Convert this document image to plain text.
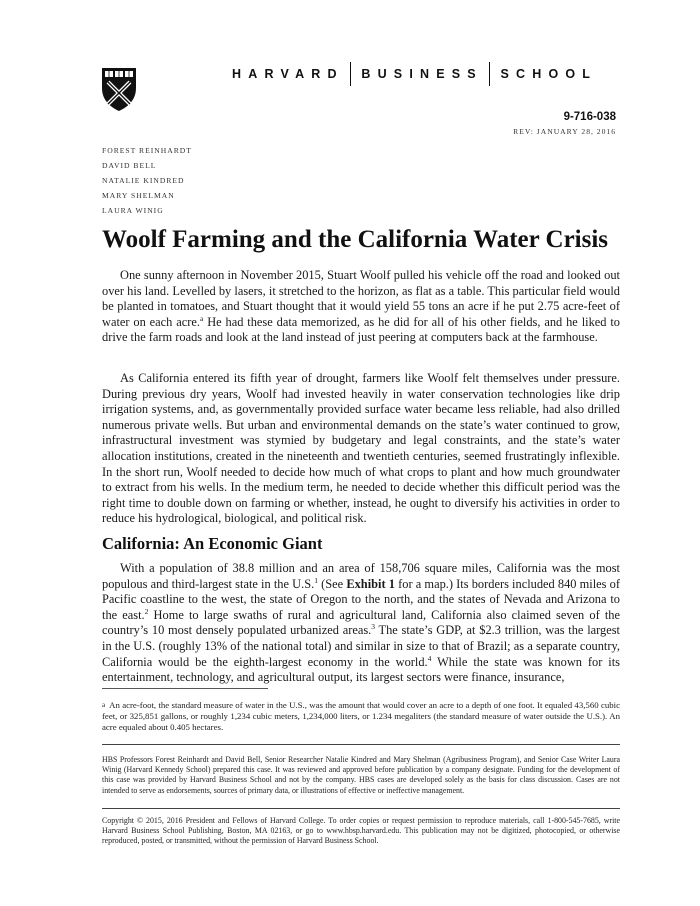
HARVARD BUSINESS SCHOOL
9-716-038
REV: JANUARY 28, 2016
FOREST REINHARDT
DAVID BELL
NATALIE KINDRED
MARY SHELMAN
LAURA WINIG
Woolf Farming and the California Water Crisis

One sunny afternoon in November 2015, Stuart Woolf pulled his vehicle off the road and looked out over his land. Levelled by lasers, it stretched to the horizon, as flat as a table. This particular field would be planted in tomatoes, and Stuart thought that it would yield 55 tons an acre if he put 2.75 acre-feet of water on each acre.$^a$ He had these data memorized, as he did for all of his other fields, and he liked to drive the farm roads and look at the land instead of just peering at computers back at the farmhouse.

As California entered its fifth year of drought, farmers like Woolf felt themselves under pressure. During previous dry years, Woolf had invested heavily in water conservation technologies like drip irrigation systems, and, as governmentally provided surface water became less reliable, had also drilled numerous private wells. But urban and environmental demands on the state’s water continued to grow, infrastructural investment was stymied by budgetary and legal constraints, and the state’s water allocation institutions, created in the nineteenth and twentieth centuries, seemed frustratingly inflexible. In the short run, Woolf needed to decide how much of what crops to plant and how much groundwater to extract from his wells. In the medium term, he needed to decide whether this difficult period was the right time to double down on farming or whether, instead, he ought to diversify his activities in order to reduce his hydrological, biological, and political risk.

California: An Economic Giant

With a population of 38.8 million and an area of 158,706 square miles, California was the most populous and third-largest state in the U.S.$^1$ (See Exhibit 1 for a map.) Its borders included 840 miles of Pacific coastline to the west, the state of Oregon to the north, and the states of Nevada and Arizona to the east.$^2$ Home to large swaths of rural and agricultural land, California also claimed seven of the country’s 10 most densely populated urbanized areas.$^3$ The state’s GDP, at $2.3 trillion, was the largest in the U.S. (roughly 13% of the national total) and similar in size to that of Brazil; as a separate country, California would be the eighth-largest economy in the world.$^4$ While the state was known for its entertainment, technology, and agricultural output, its largest sectors were finance, insurance,

$^a$ An acre-foot, the standard measure of water in the U.S., was the amount that would cover an acre to a depth of one foot. It equaled 43,560 cubic feet, or 325,851 gallons, or roughly 1,234 cubic meters, 1,234,000 liters, or 1.234 megaliters (the standard measure of water outside the U.S.). An acre equaled about 0.405 hectares.

HBS Professors Forest Reinhardt and David Bell, Senior Researcher Natalie Kindred and Mary Shelman (Agribusiness Program), and Senior Case Writer Laura Winig (Harvard Kennedy School) prepared this case. It was reviewed and approved before publication by a company designate. Funding for the development of this case was provided by Harvard Business School and not by the company. HBS cases are developed solely as the basis for class discussion. Cases are not intended to serve as endorsements, sources of primary data, or illustrations of effective or ineffective management.

Copyright © 2015, 2016 President and Fellows of Harvard College. To order copies or request permission to reproduce materials, call 1-800-545-7685, write Harvard Business School Publishing, Boston, MA 02163, or go to www.hbsp.harvard.edu. This publication may not be digitized, photocopied, or otherwise reproduced, posted, or transmitted, without the permission of Harvard Business School.
